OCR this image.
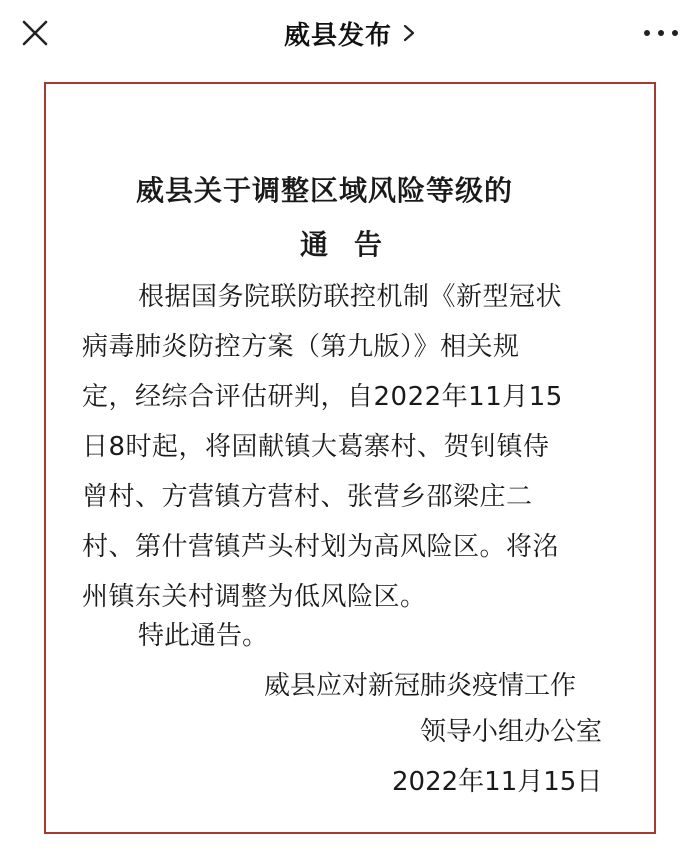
威县发布
威县关于调整区域风险等级的
通告
根据国务院联防联控机制《新型冠状
病毒肺炎防控方案（第九版）》相关规
定，经综合评估研判，自2022年11月15
日8时起，将固献镇大葛寨村、贺钊镇侍
曾村、方营镇方营村、张营乡邵梁庄二
村、第什营镇芦头村划为高风险区。将洺
州镇东关村调整为低风险区。
特此通告。
威县应对新冠肺炎疫情工作
领导小组办公室
2022年11月15日
